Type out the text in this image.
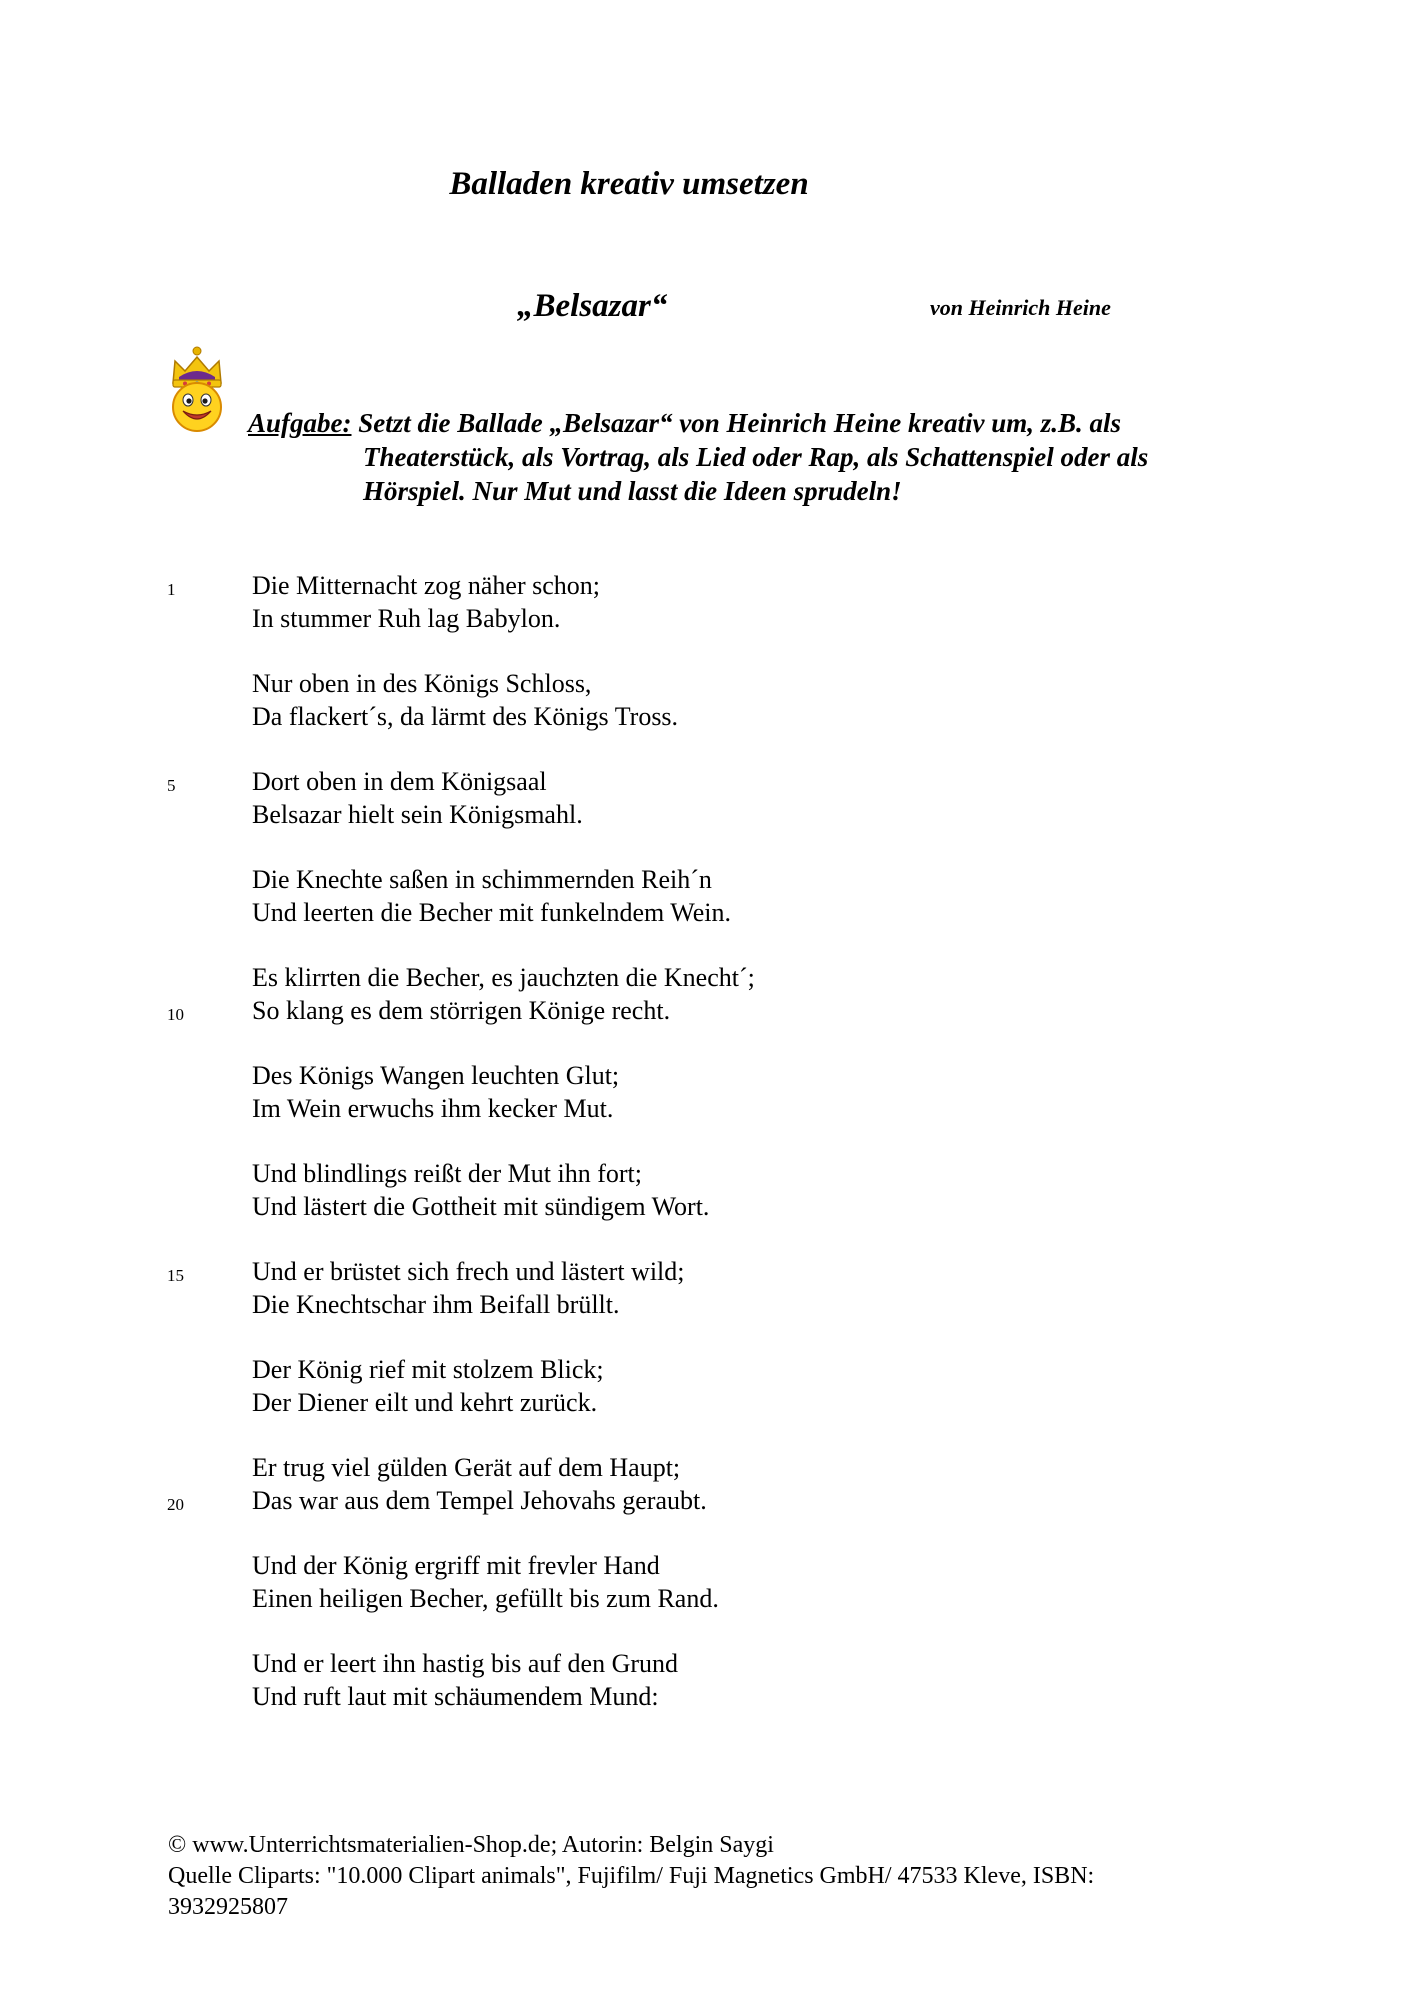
Balladen kreativ umsetzen
„Belsazar“	von Heinrich Heine
Aufgabe: Setzt die Ballade „Belsazar“ von Heinrich Heine kreativ um, z.B. als
Theaterstück, als Vortrag, als Lied oder Rap, als Schattenspiel oder als
Hörspiel. Nur Mut und lasst die Ideen sprudeln!
1	Die Mitternacht zog näher schon;
In stummer Ruh lag Babylon.
Nur oben in des Königs Schloss,
Da flackert´s, da lärmt des Königs Tross.
5	Dort oben in dem Königsaal
Belsazar hielt sein Königsmahl.
Die Knechte saßen in schimmernden Reih´n
Und leerten die Becher mit funkelndem Wein.
Es klirrten die Becher, es jauchzten die Knecht´;
10	So klang es dem störrigen Könige recht.
Des Königs Wangen leuchten Glut;
Im Wein erwuchs ihm kecker Mut.
Und blindlings reißt der Mut ihn fort;
Und lästert die Gottheit mit sündigem Wort.
15	Und er brüstet sich frech und lästert wild;
Die Knechtschar ihm Beifall brüllt.
Der König rief mit stolzem Blick;
Der Diener eilt und kehrt zurück.
Er trug viel gülden Gerät auf dem Haupt;
20	Das war aus dem Tempel Jehovahs geraubt.
Und der König ergriff mit frevler Hand
Einen heiligen Becher, gefüllt bis zum Rand.
Und er leert ihn hastig bis auf den Grund
Und ruft laut mit schäumendem Mund:
© www.Unterrichtsmaterialien-Shop.de; Autorin: Belgin Saygi
Quelle Cliparts: "10.000 Clipart animals", Fujifilm/ Fuji Magnetics GmbH/ 47533 Kleve, ISBN:
3932925807
